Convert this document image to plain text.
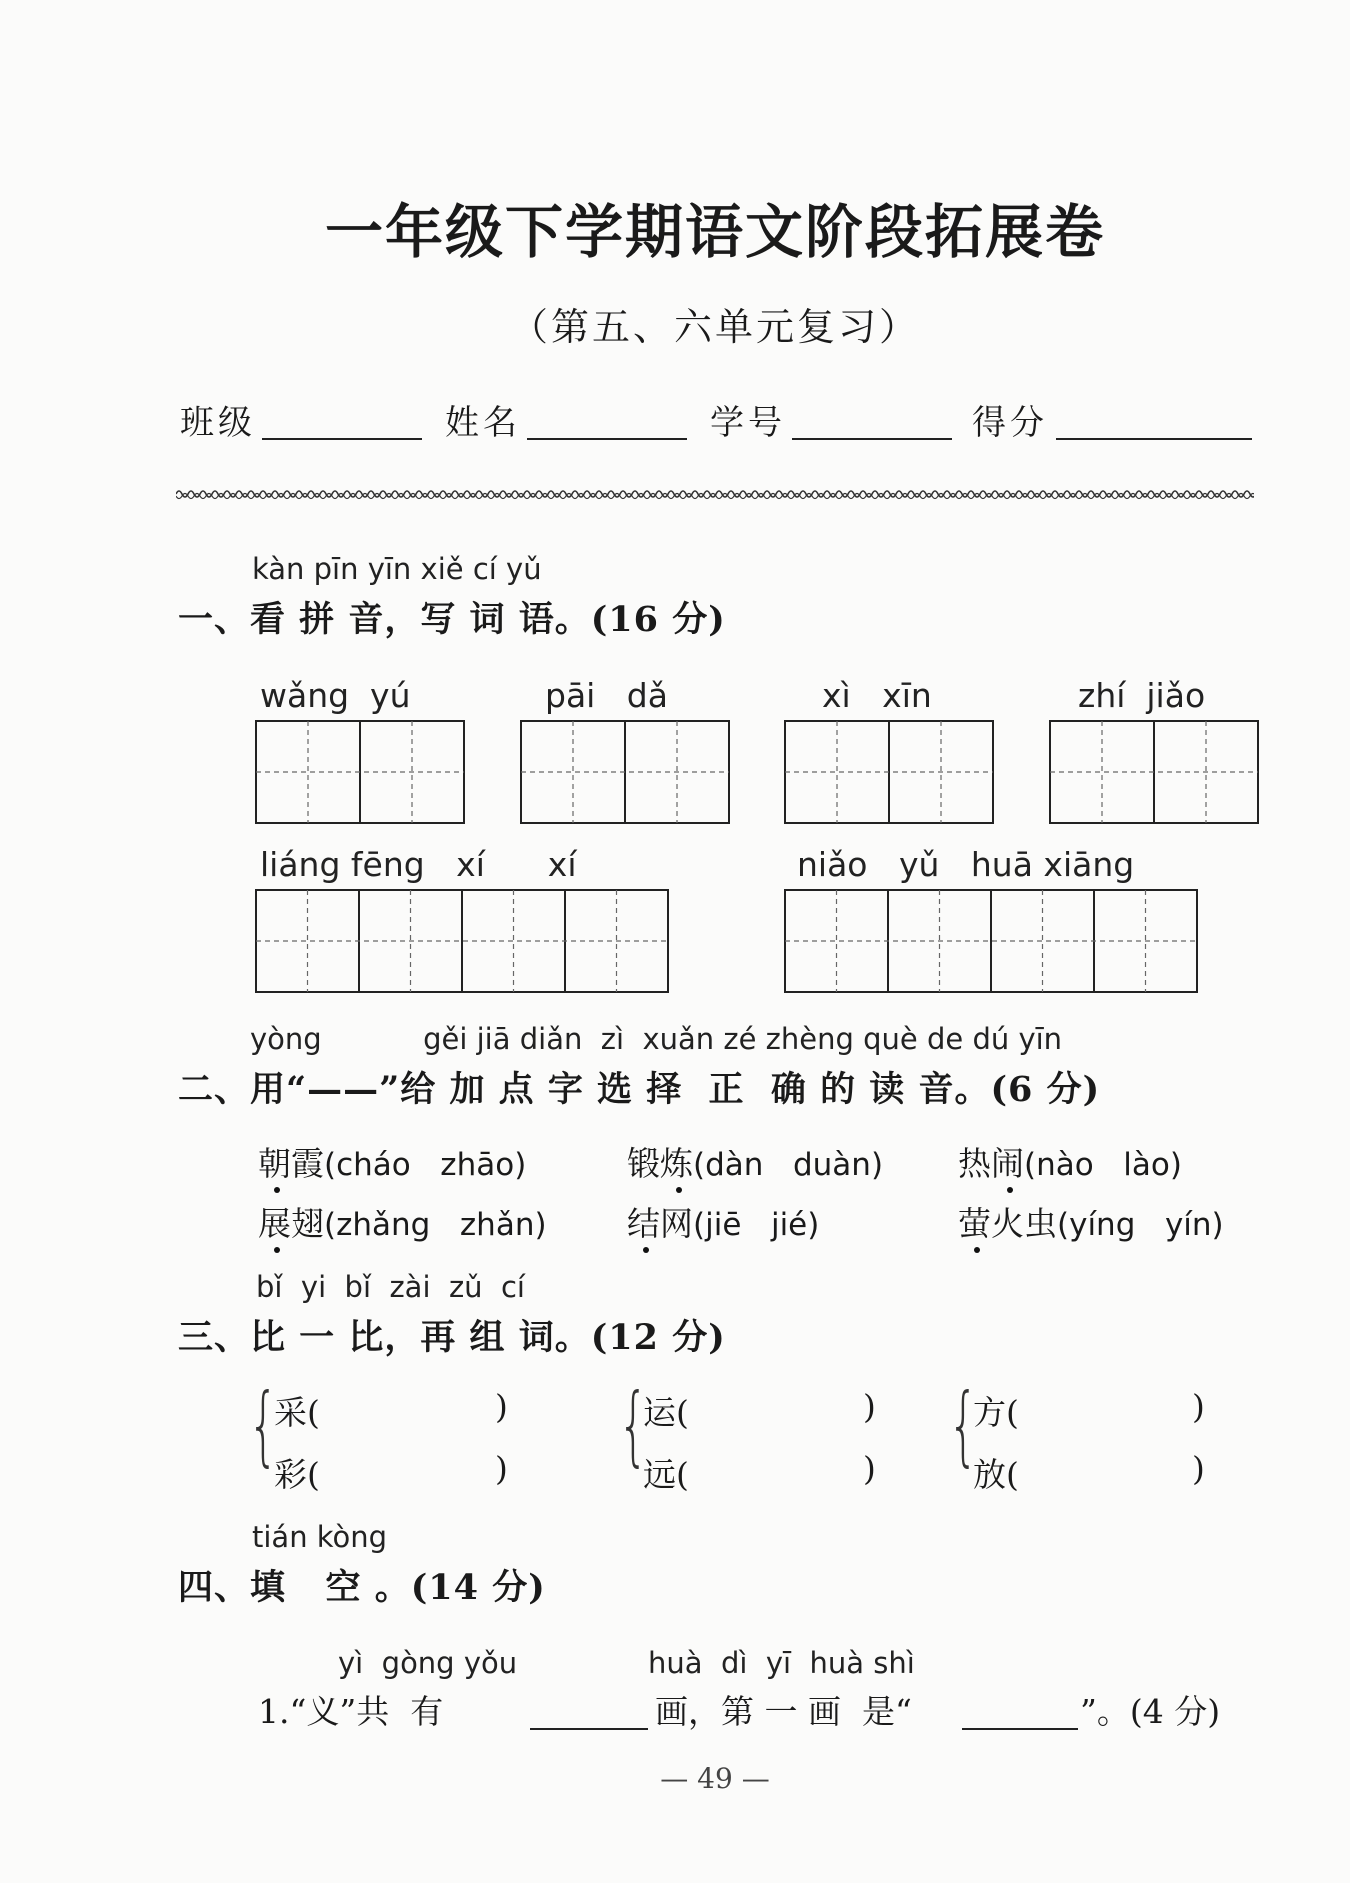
一年级下学期语文阶段拓展卷
（第五、六单元复习）
班级	姓名	学号	得分
kàn pīn yīn xiě cí yǔ
一、看 拼 音，写 词 语。(16 分)
wǎng  yú	pāi   dǎ	xì   xīn	zhí  jiǎo
liáng fēng   xí      xí	niǎo   yǔ   huā xiāng
yòng           gěi jiā diǎn  zì  xuǎn zé zhèng què de dú yīn
二、用“——”给 加 点 字 选 择  正  确 的 读 音。(6 分)
朝霞(cháo   zhāo)	锻炼(dàn   duàn) 热闹(nào   lào)
展翅(zhǎng   zhǎn) 结网(jiē   jié)	萤火虫(yíng   yín)
bǐ  yi  bǐ  zài  zǔ  cí
三、比 一 比，再 组 词。(12 分)
{
采(	)
彩(	) {
运(	)
远(	) {
方(	)
放(	)
tián kòng
四、填   空 。(14 分)
yì  gòng yǒu	huà  dì  yī  huà shì
1.“义”共  有	画，第 一 画  是“	”。(4 分)
— 49 —
